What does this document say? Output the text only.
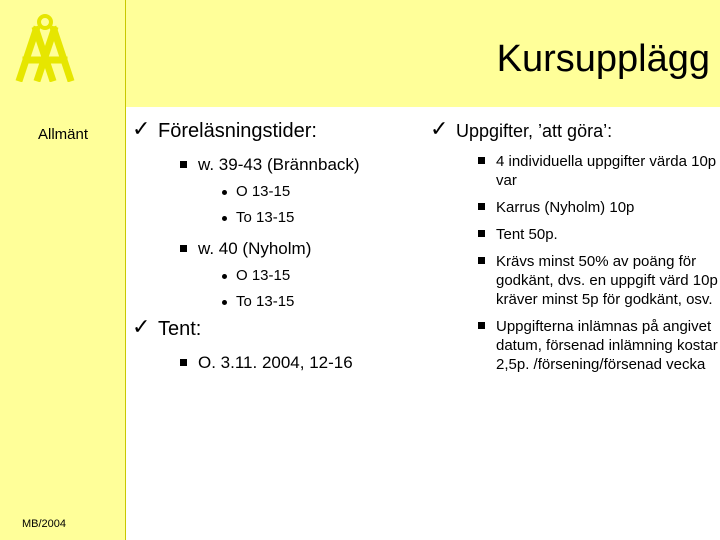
Allmänt
MB/2004
Kursupplägg
✓ Föreläsningstider:
w. 39-43 (Brännback)
O 13-15
To 13-15
w. 40 (Nyholm)
O 13-15
To 13-15
✓ Tent:
O. 3.11. 2004, 12-16
✓ Uppgifter, ’att göra’:
4 individuella uppgifter värda 10p var
Karrus (Nyholm) 10p
Tent 50p.
Krävs minst 50% av poäng för godkänt, dvs. en uppgift värd 10p kräver minst 5p för godkänt, osv.
Uppgifterna inlämnas på angivet datum, försenad inlämning kostar 2,5p. /försening/försenad vecka
